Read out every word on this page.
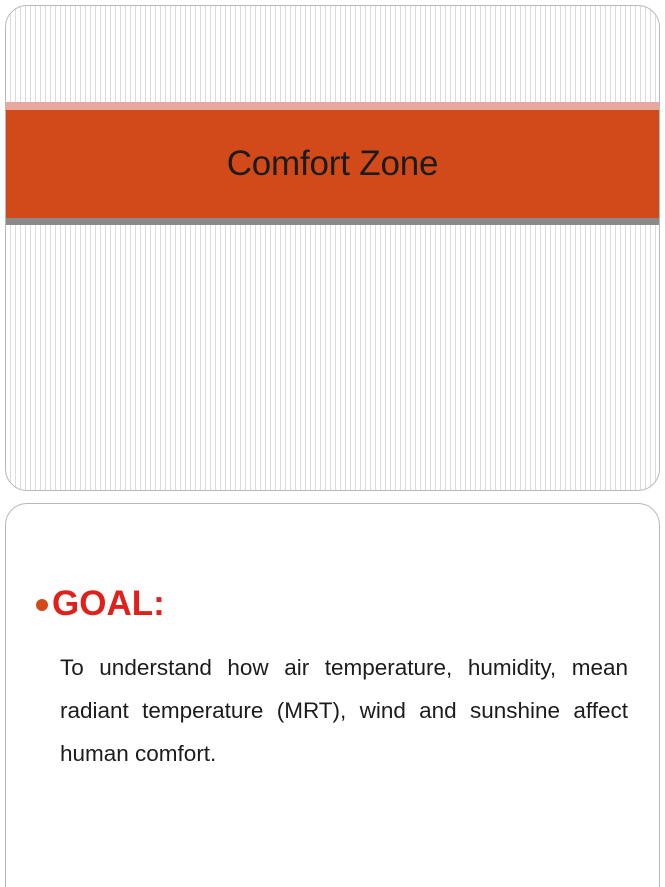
Comfort Zone
GOAL:
To understand how air temperature, humidity, mean radiant temperature (MRT), wind and sunshine affect human comfort.
